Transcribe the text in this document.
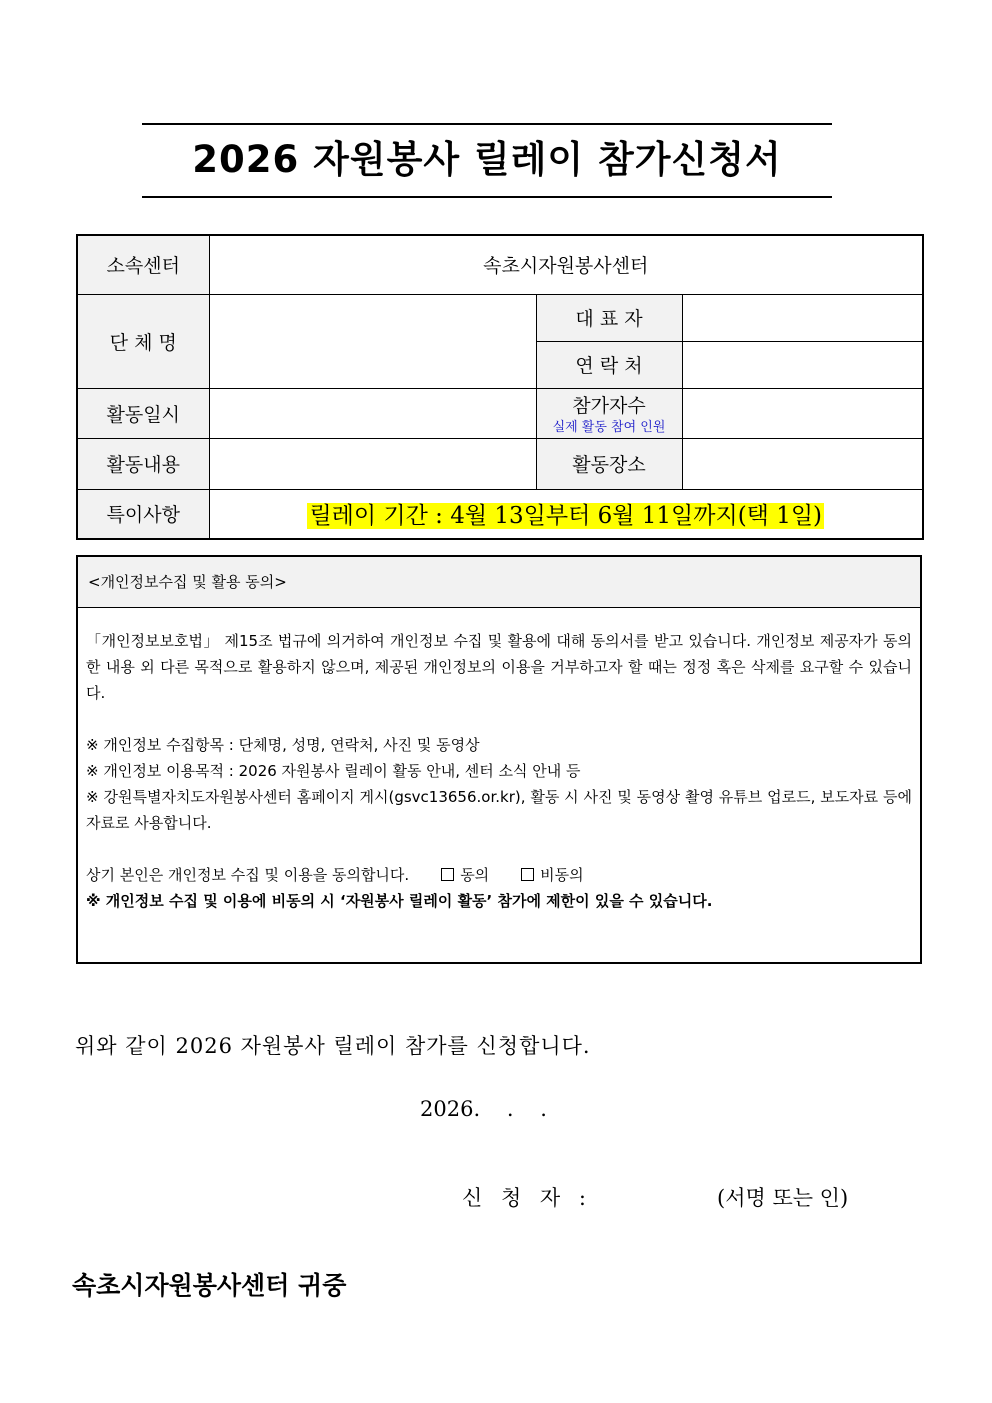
2026 자원봉사 릴레이 참가신청서
소속센터	속초시자원봉사센터		
단 체 명		대 표 자	
		연 락 처	
활동일시		참가자수
실제 활동 참여 인원	

활동내용		활동장소	
특이사항	릴레이 기간 : 4월 13일부터 6월 11일까지(택 1일)		
<개인정보수집 및 활용 동의>

「개인정보보호법」 제15조 법규에 의거하여 개인정보 수집 및 활용에 대해 동의서를 받고 있습니다. 개인정보 제공자가 동의한 내용 외 다른 목적으로 활용하지 않으며, 제공된 개인정보의 이용을 거부하고자 할 때는 정정 혹은 삭제를 요구할 수 있습니다.

※ 개인정보 수집항목 : 단체명, 성명, 연락처, 사진 및 동영상

※ 개인정보 이용목적 : 2026 자원봉사 릴레이 활동 안내, 센터 소식 안내 등

※ 강원특별자치도자원봉사센터 홈페이지 게시(gsvc13656.or.kr), 활동 시 사진 및 동영상 촬영 유튜브 업로드, 보도자료 등에 자료로 사용합니다.

상기 본인은 개인정보 수집 및 이용을 동의합니다.	동의	비동의

※ 개인정보 수집 및 이용에 비동의 시 ‘자원봉사 릴레이 활동’ 참가에 제한이 있을 수 있습니다.

위와 같이 2026 자원봉사 릴레이 참가를 신청합니다.
2026.    .    .
신 청 자 :	(서명 또는 인)
속초시자원봉사센터 귀중
